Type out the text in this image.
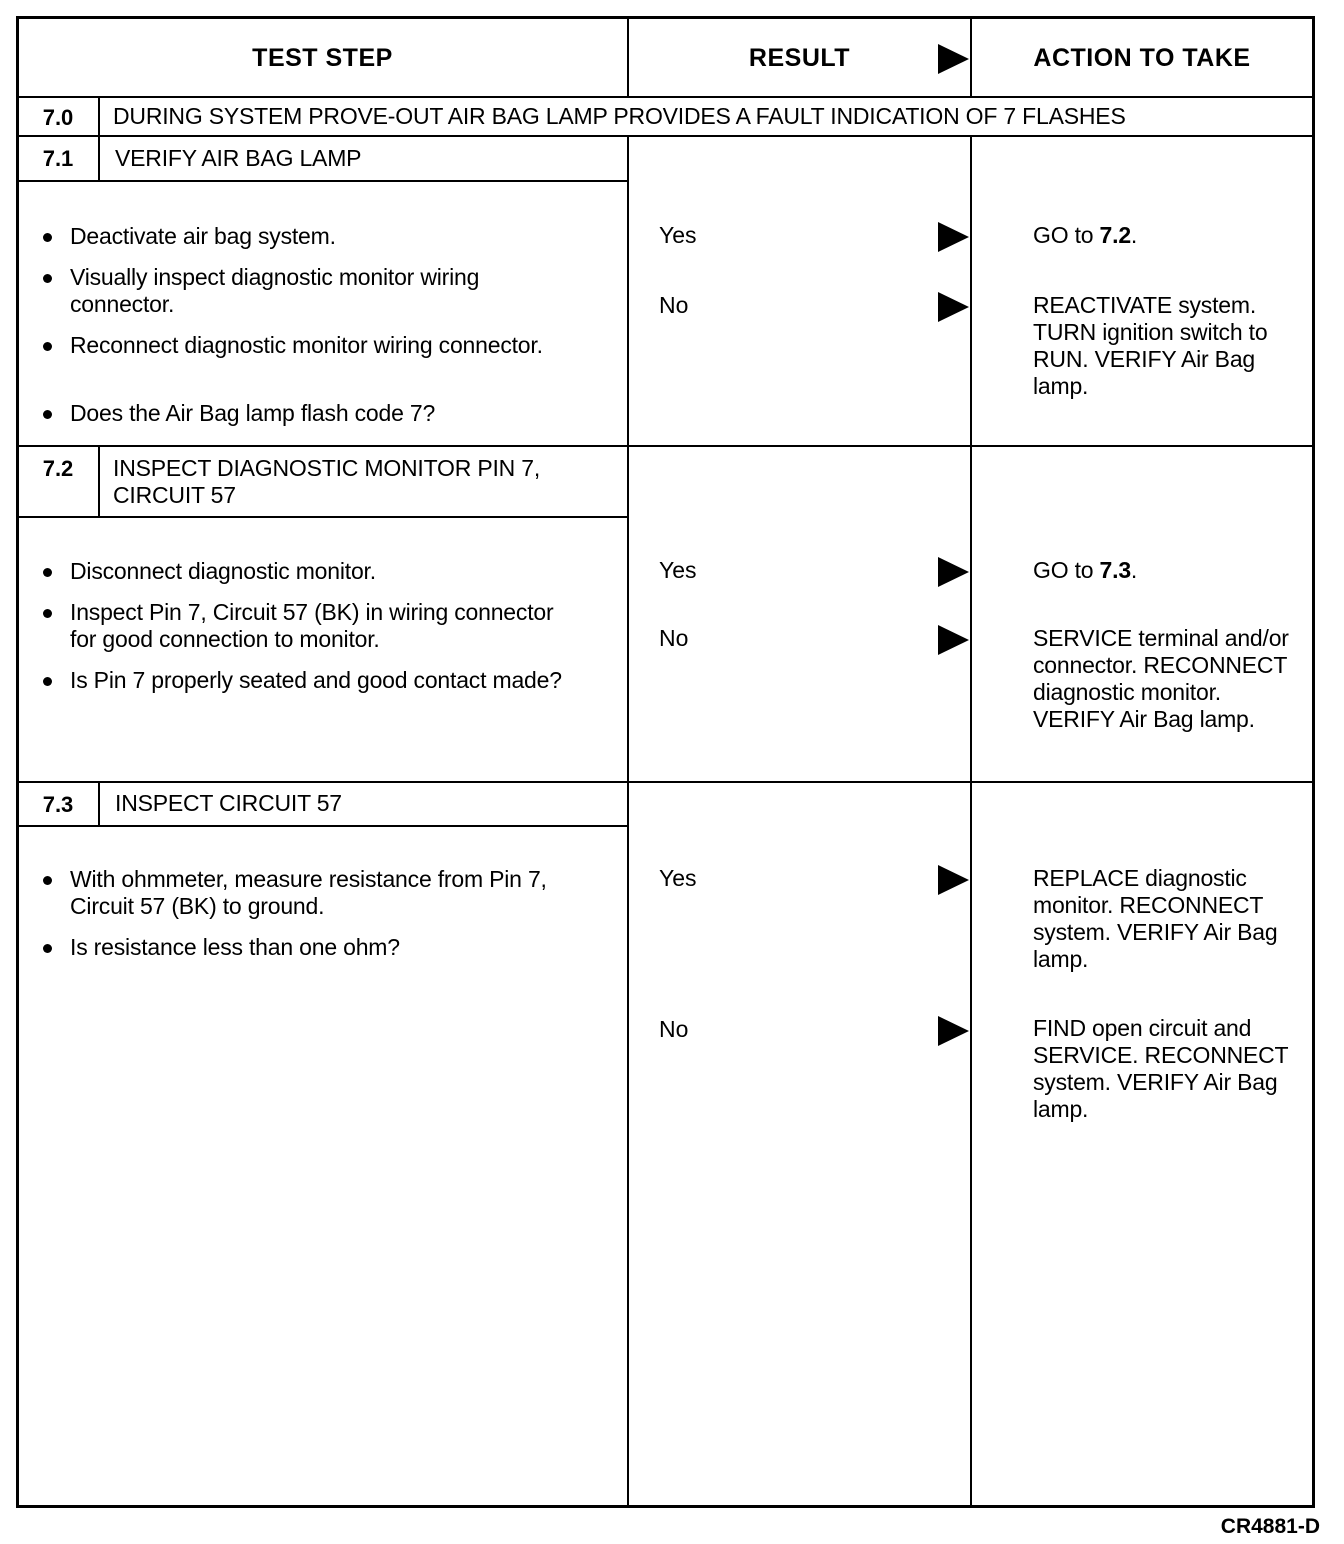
TEST STEP	RESULT	ACTION TO TAKE
7.0	DURING SYSTEM PROVE-OUT AIR BAG LAMP PROVIDES A FAULT INDICATION OF 7 FLASHES
7.1	VERIFY AIR BAG LAMP
Deactivate air bag system.
Visually inspect diagnostic monitor wiring connector.
Reconnect diagnostic monitor wiring connector.
Does the Air Bag lamp flash code 7?
Yes	GO to 7.2.
No	REACTIVATE system. TURN ignition switch to RUN. VERIFY Air Bag lamp.
7.2	INSPECT DIAGNOSTIC MONITOR PIN 7, CIRCUIT 57
Disconnect diagnostic monitor.
Inspect Pin 7, Circuit 57 (BK) in wiring connector for good connection to monitor.
Is Pin 7 properly seated and good contact made?
Yes	GO to 7.3.
No	SERVICE terminal and/or connector. RECONNECT diagnostic monitor. VERIFY Air Bag lamp.
7.3	INSPECT CIRCUIT 57
With ohmmeter, measure resistance from Pin 7, Circuit 57 (BK) to ground.
Is resistance less than one ohm?
Yes	REPLACE diagnostic monitor. RECONNECT system. VERIFY Air Bag lamp.
No	FIND open circuit and SERVICE. RECONNECT system. VERIFY Air Bag lamp.
CR4881-D
